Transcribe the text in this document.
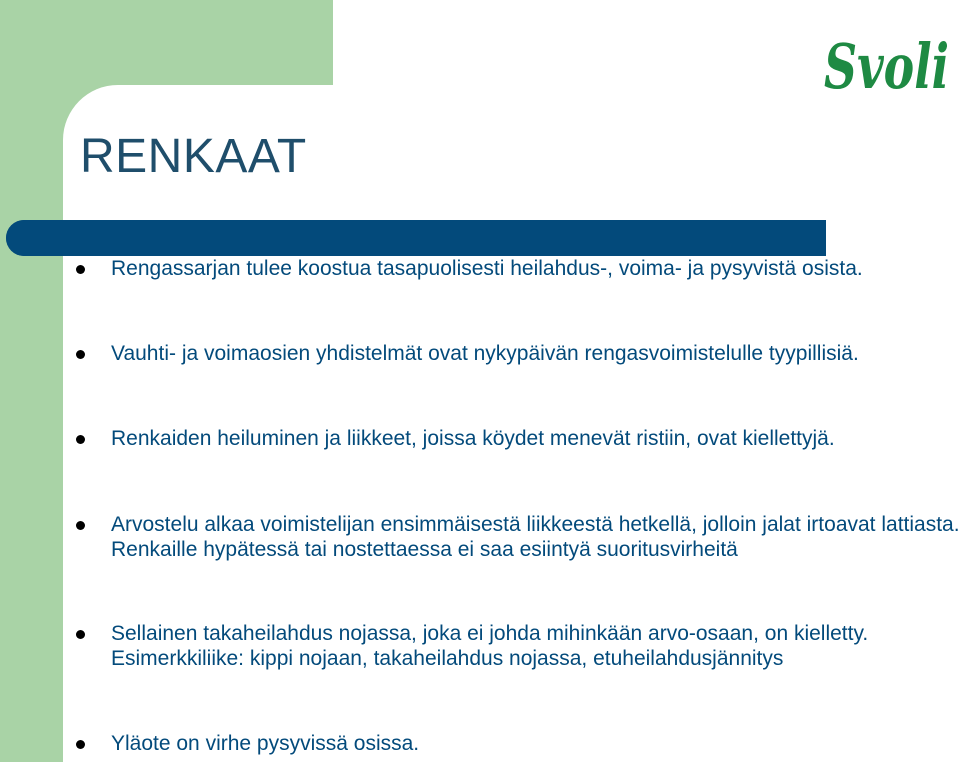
Svoli
RENKAAT
Rengassarjan tulee koostua tasapuolisesti heilahdus-, voima- ja pysyvistä osista.
Vauhti- ja voimaosien yhdistelmät ovat nykypäivän rengasvoimistelulle tyypillisiä.
Renkaiden heiluminen ja liikkeet, joissa köydet menevät ristiin, ovat kiellettyjä.
Arvostelu alkaa voimistelijan ensimmäisestä liikkeestä hetkellä, jolloin jalat irtoavat lattiasta. Renkaille hypätessä tai nostettaessa ei saa esiintyä suoritusvirheitä
Sellainen takaheilahdus nojassa, joka ei johda mihinkään arvo-osaan, on kielletty. Esimerkkiliike: kippi nojaan, takaheilahdus nojassa, etuheilahdusjännitys
Yläote on virhe pysyvissä osissa.
